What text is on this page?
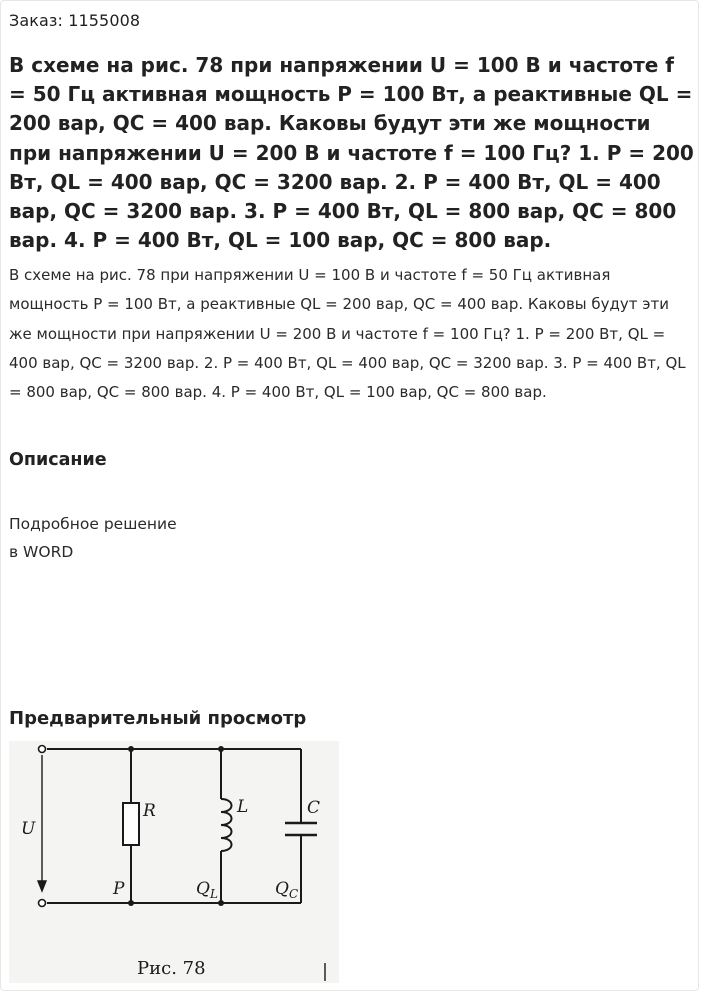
Заказ: 1155008
В схеме на рис. 78 при напряжении U = 100 В и частоте f = 50 Гц активная мощность P = 100 Вт, а реактивные QL = 200 вар, QC = 400 вар. Каковы будут эти же мощности при напряжении U = 200 В и частоте f = 100 Гц? 1. P = 200 Вт, QL = 400 вар, QC = 3200 вар. 2. P = 400 Вт, QL = 400 вар, QC = 3200 вар. 3. P = 400 Вт, QL = 800 вар, QC = 800 вар. 4. P = 400 Вт, QL = 100 вар, QC = 800 вар.
В схеме на рис. 78 при напряжении U = 100 В и частоте f = 50 Гц активная мощность P = 100 Вт, а реактивные QL = 200 вар, QC = 400 вар. Каковы будут эти же мощности при напряжении U = 200 В и частоте f = 100 Гц? 1. P = 200 Вт, QL = 400 вар, QC = 3200 вар. 2. P = 400 Вт, QL = 400 вар, QC = 3200 вар. 3. P = 400 Вт, QL = 800 вар, QC = 800 вар. 4. P = 400 Вт, QL = 100 вар, QC = 800 вар.
Описание
Подробное решение
в WORD
Предварительный просмотр
U
R	L	C
P	$Q_L$	$Q_C$
Рис. 78
